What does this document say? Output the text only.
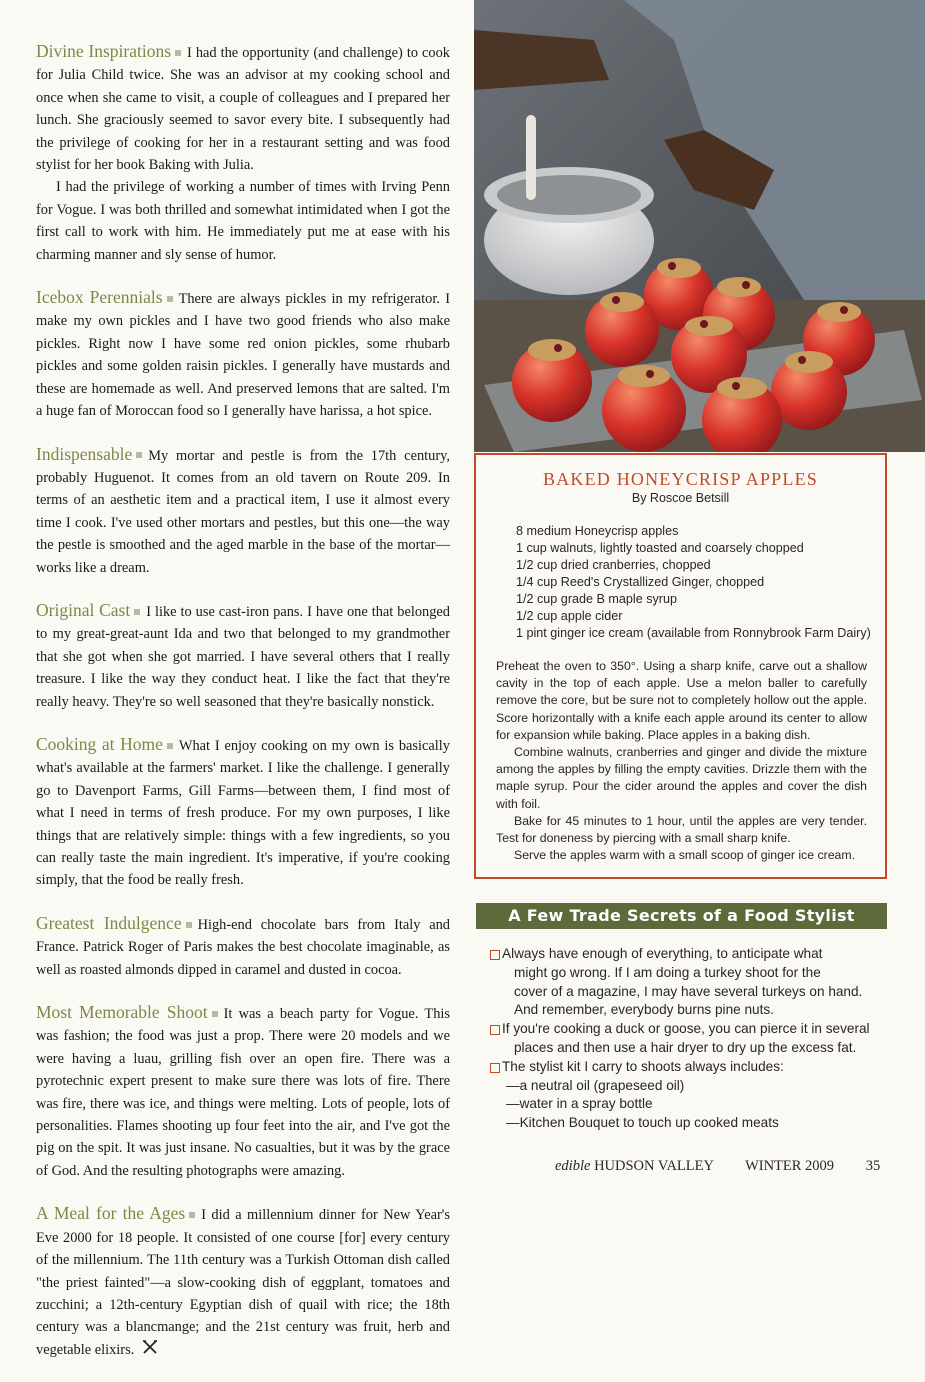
Divine Inspirations I had the opportunity (and challenge) to cook for Julia Child twice. She was an advisor at my cooking school and once when she came to visit, a couple of colleagues and I prepared her lunch. She graciously seemed to savor every bite. I subsequently had the privilege of cooking for her in a restaurant setting and was food stylist for her book Baking with Julia.

I had the privilege of working a number of times with Irving Penn for Vogue. I was both thrilled and somewhat intimidated when I got the first call to work with him. He immediately put me at ease with his charming manner and sly sense of humor.

Icebox Perennials There are always pickles in my refrigerator. I make my own pickles and I have two good friends who also make pickles. Right now I have some red onion pickles, some rhubarb pickles and some golden raisin pickles. I generally have mustards and these are homemade as well. And preserved lemons that are salted. I'm a huge fan of Moroccan food so I generally have harissa, a hot spice.

Indispensable My mortar and pestle is from the 17th century, probably Huguenot. It comes from an old tavern on Route 209. In terms of an aesthetic item and a practical item, I use it almost every time I cook. I've used other mortars and pestles, but this one—the way the pestle is smoothed and the aged marble in the base of the mortar—works like a dream.

Original Cast I like to use cast-iron pans. I have one that belonged to my great-great-aunt Ida and two that belonged to my grandmother that she got when she got married. I have several others that I really treasure. I like the way they conduct heat. I like the fact that they're really heavy. They're so well seasoned that they're basically nonstick.

Cooking at Home What I enjoy cooking on my own is basically what's available at the farmers' market. I like the challenge. I generally go to Davenport Farms, Gill Farms—between them, I find most of what I need in terms of fresh produce. For my own purposes, I like things that are relatively simple: things with a few ingredients, so you can really taste the main ingredient. It's imperative, if you're cooking simply, that the food be really fresh.

Greatest Indulgence High-end chocolate bars from Italy and France. Patrick Roger of Paris makes the best chocolate imaginable, as well as roasted almonds dipped in caramel and dusted in cocoa.

Most Memorable Shoot It was a beach party for Vogue. This was fashion; the food was just a prop. There were 20 models and we were having a luau, grilling fish over an open fire. There was a pyrotechnic expert present to make sure there was lots of fire. There was fire, there was ice, and things were melting. Lots of people, lots of personalities. Flames shooting up four feet into the air, and I've got the pig on the spit. It was just insane. No casualties, but it was by the grace of God. And the resulting photographs were amazing.

A Meal for the Ages I did a millennium dinner for New Year's Eve 2000 for 18 people. It consisted of one course [for] every century of the millennium. The 11th century was a Turkish Ottoman dish called "the priest fainted"—a slow-cooking dish of eggplant, tomatoes and zucchini; a 12th-century Egyptian dish of quail with rice; the 18th century was a blancmange; and the 21st century was fruit, herb and vegetable elixirs.

BAKED HONEYCRISP APPLES
By Roscoe Betsill
8 medium Honeycrisp apples
1 cup walnuts, lightly toasted and coarsely chopped
1/2 cup dried cranberries, chopped
1/4 cup Reed's Crystallized Ginger, chopped
1/2 cup grade B maple syrup
1/2 cup apple cider
1 pint ginger ice cream (available from Ronnybrook Farm Dairy)

Preheat the oven to 350°. Using a sharp knife, carve out a shallow cavity in the top of each apple. Use a melon baller to carefully remove the core, but be sure not to completely hollow out the apple. Score horizontally with a knife each apple around its center to allow for expansion while baking. Place apples in a baking dish.

Combine walnuts, cranberries and ginger and divide the mixture among the apples by filling the empty cavities. Drizzle them with the maple syrup. Pour the cider around the apples and cover the dish with foil.

Bake for 45 minutes to 1 hour, until the apples are very tender. Test for doneness by piercing with a small sharp knife.

Serve the apples warm with a small scoop of ginger ice cream.

A Few Trade Secrets of a Food Stylist
Always have enough of everything, to anticipate what
might go wrong. If I am doing a turkey shoot for the
cover of a magazine, I may have several turkeys on hand.
And remember, everybody burns pine nuts.
If you're cooking a duck or goose, you can pierce it in several
places and then use a hair dryer to dry up the excess fat.
The stylist kit I carry to shoots always includes:
—a neutral oil (grapeseed oil)
—water in a spray bottle
—Kitchen Bouquet to touch up cooked meats
edible HUDSON VALLEY WINTER 2009 35
